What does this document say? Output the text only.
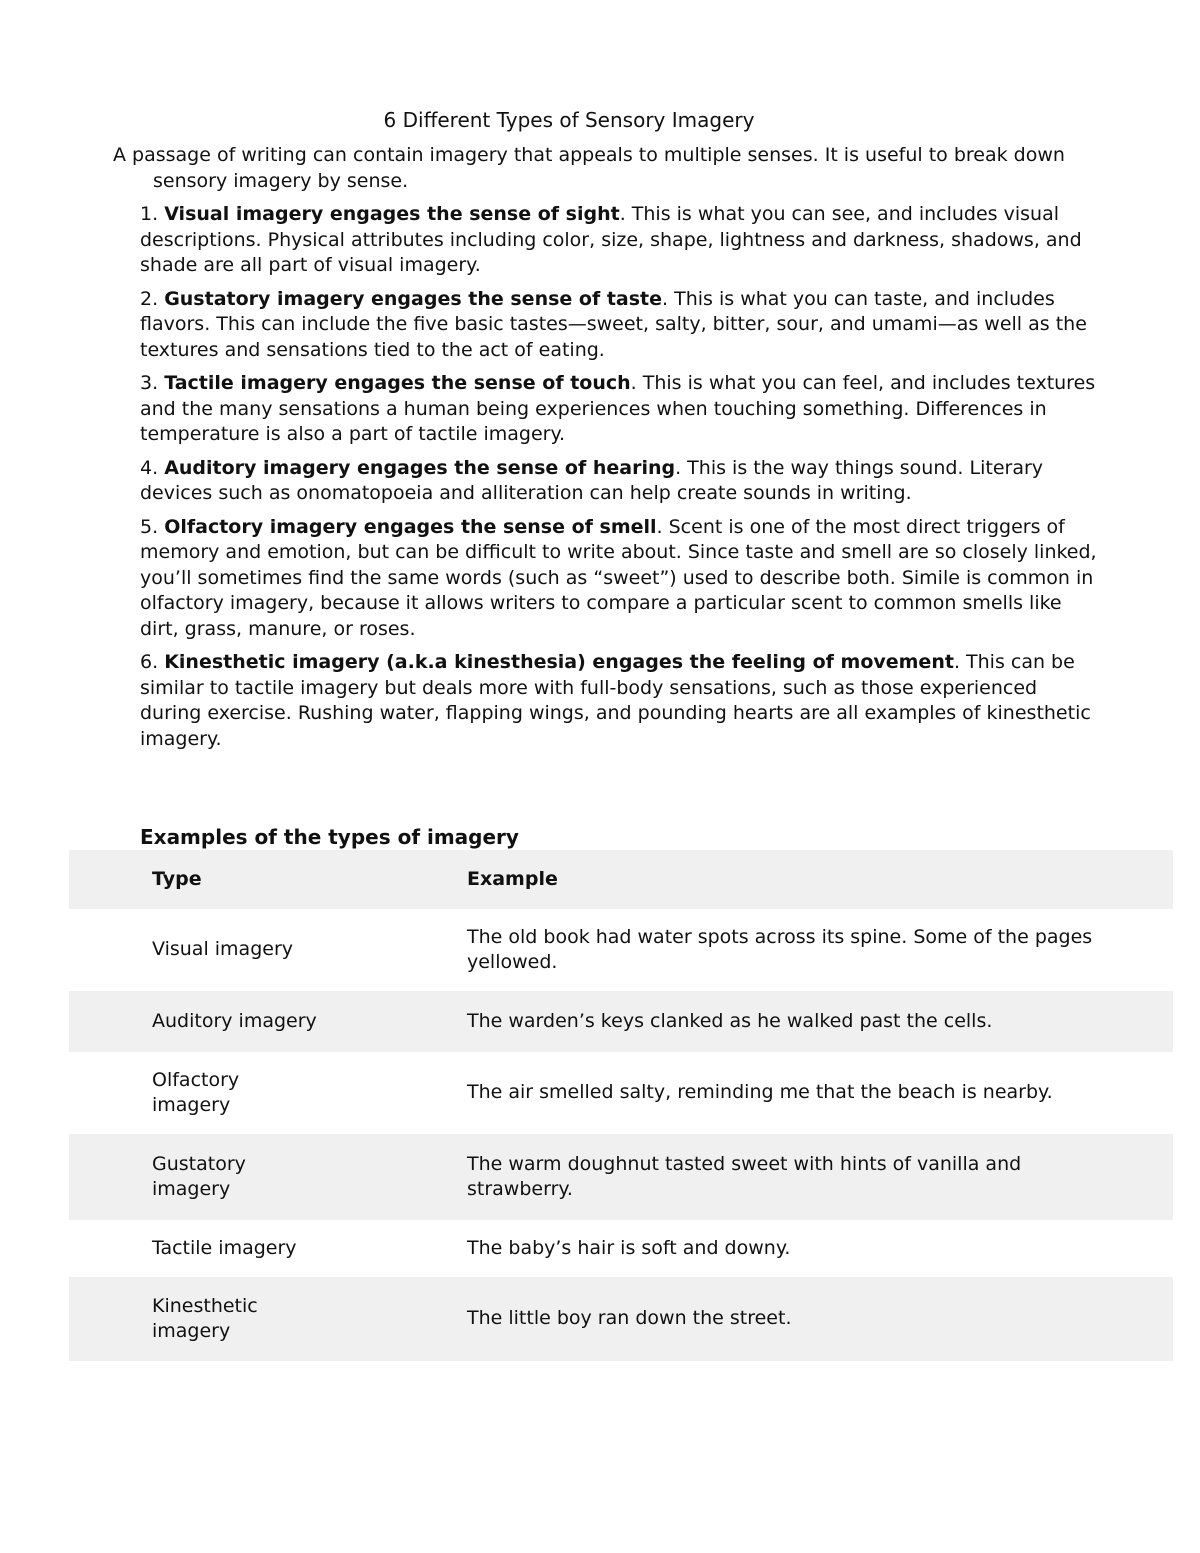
6 Different Types of Sensory Imagery

A passage of writing can contain imagery that appeals to multiple senses. It is useful to break down sensory imagery by sense.

1. Visual imagery engages the sense of sight. This is what you can see, and includes visual descriptions. Physical attributes including color, size, shape, lightness and darkness, shadows, and shade are all part of visual imagery.
2. Gustatory imagery engages the sense of taste. This is what you can taste, and includes flavors. This can include the five basic tastes—sweet, salty, bitter, sour, and umami—as well as the textures and sensations tied to the act of eating.
3. Tactile imagery engages the sense of touch. This is what you can feel, and includes textures and the many sensations a human being experiences when touching something. Differences in temperature is also a part of tactile imagery.
4. Auditory imagery engages the sense of hearing. This is the way things sound. Literary devices such as onomatopoeia and alliteration can help create sounds in writing.
5. Olfactory imagery engages the sense of smell. Scent is one of the most direct triggers of memory and emotion, but can be difficult to write about. Since taste and smell are so closely linked, you’ll sometimes find the same words (such as “sweet”) used to describe both. Simile is common in olfactory imagery, because it allows writers to compare a particular scent to common smells like dirt, grass, manure, or roses.
6. Kinesthetic imagery (a.k.a kinesthesia) engages the feeling of movement. This can be similar to tactile imagery but deals more with full-body sensations, such as those experienced during exercise. Rushing water, flapping wings, and pounding hearts are all examples of kinesthetic imagery.
Examples of the types of imagery
Type	Example

Visual imagery	The old book had water spots across its spine. Some of the pages yellowed.

Auditory imagery	The warden’s keys clanked as he walked past the cells.

Olfactory imagery	The air smelled salty, reminding me that the beach is nearby.

Gustatory imagery	The warm doughnut tasted sweet with hints of vanilla and strawberry.

Tactile imagery	The baby’s hair is soft and downy.

Kinesthetic imagery	The little boy ran down the street.
